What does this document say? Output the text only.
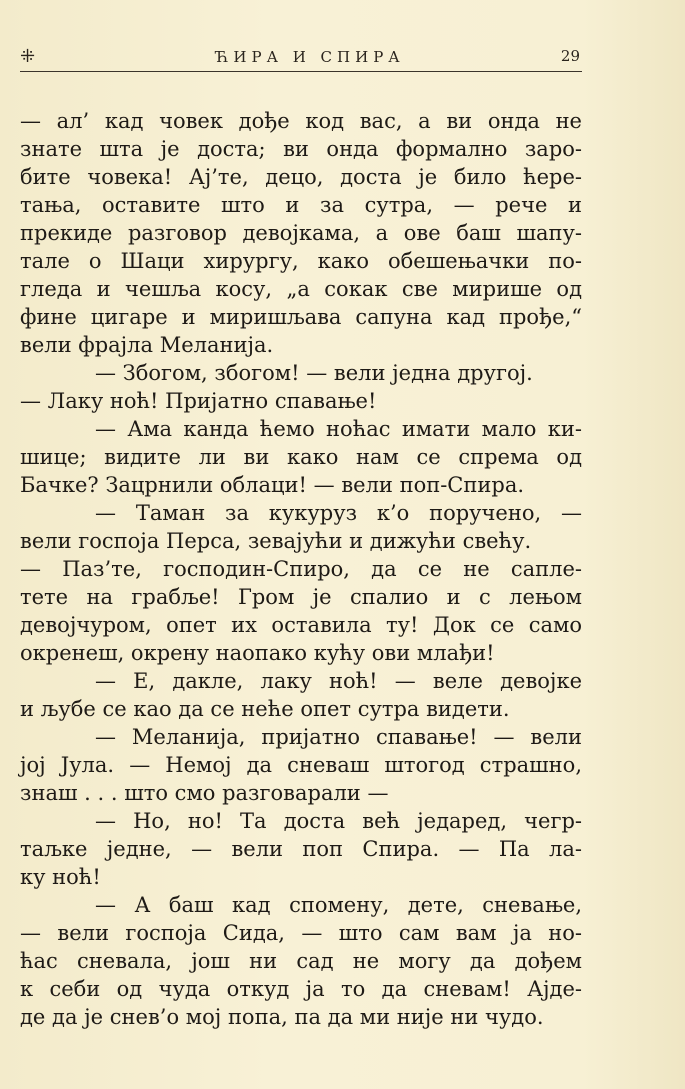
⁜	ЋИРА И СПИРА	29
— ал’ кад човек дође код вас, а ви онда не
знате шта је доста; ви онда формално заро-
бите човека! Ај’те, децо, доста је било ћере-
тања, оставите што и за сутра, — рече и
прекиде разговор девојкама, а ове баш шапу-
тале о Шаци хирургу, како обешењачки по-
гледа и чешља косу, „а сокак све мирише од
фине цигаре и миришљава сапуна кад прође,“
вели фрајла Меланија.
— Збогом, збогом! — вели једна другој.
— Лаку ноћ! Пријатно спавање!
— Ама канда ћемо ноћас имати мало ки-
шице; видите ли ви како нам се спрема од
Бачке? Зацрнили облаци! — вели поп-Спира.
— Таман за кукуруз к’о поручено, —
вели госпоја Перса, зевајући и дижући свећу.
— Паз’те, господин-Спиро, да се не сапле-
тете на грабље! Гром је спалио и с лењом
девојчуром, опет их оставила ту! Док се само
окренеш, окрену наопако кућу ови млађи!
— Е, дакле, лаку ноћ! — веле девојке
и љубе се као да се неће опет сутра видети.
— Меланија, пријатно спавање! — вели
јој Јула. — Немој да сневаш штогод страшно,
знаш . . . што смо разговарали —
— Но, но! Та доста већ једаред, чегр-
таљке једне, — вели поп Спира. — Па ла-
ку ноћ!
— А баш кад спомену, дете, сневање,
— вели госпоја Сида, — што сам вам ја но-
ћас сневала, још ни сад не могу да дођем
к себи од чуда откуд ја то да сневам! Ајде-
де да је снев’о мој попа, па да ми није ни чудо.
